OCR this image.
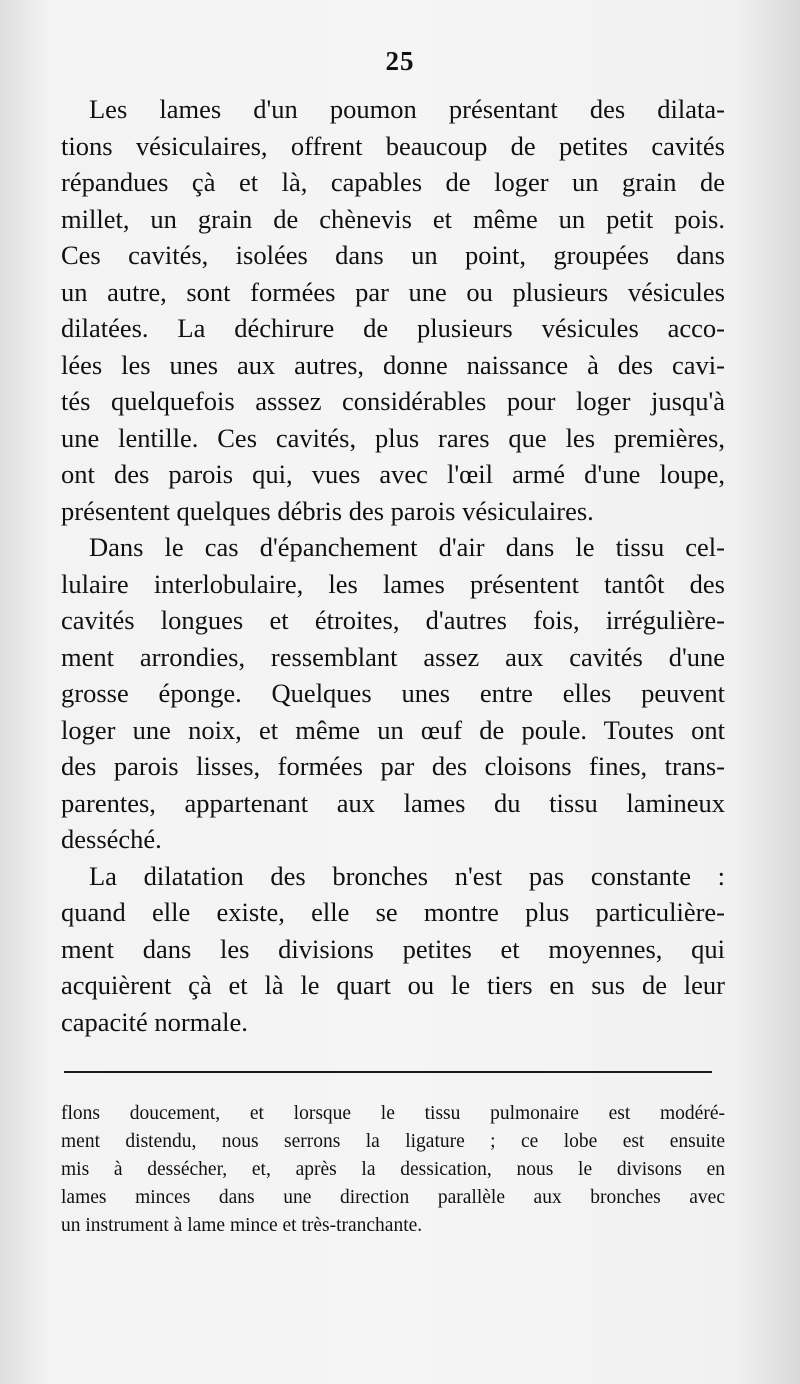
25
Les lames d'un poumon présentant des dilata-
tions vésiculaires, offrent beaucoup de petites cavités
répandues çà et là, capables de loger un grain de
millet, un grain de chènevis et même un petit pois.
Ces cavités, isolées dans un point, groupées dans
un autre, sont formées par une ou plusieurs vésicules
dilatées. La déchirure de plusieurs vésicules acco-
lées les unes aux autres, donne naissance à des cavi-
tés quelquefois asssez considérables pour loger jusqu'à
une lentille. Ces cavités, plus rares que les premières,
ont des parois qui, vues avec l'œil armé d'une loupe,
présentent quelques débris des parois vésiculaires.
Dans le cas d'épanchement d'air dans le tissu cel-
lulaire interlobulaire, les lames présentent tantôt des
cavités longues et étroites, d'autres fois, irrégulière-
ment arrondies, ressemblant assez aux cavités d'une
grosse éponge. Quelques unes entre elles peuvent
loger une noix, et même un œuf de poule. Toutes ont
des parois lisses, formées par des cloisons fines, trans-
parentes, appartenant aux lames du tissu lamineux
desséché.
La dilatation des bronches n'est pas constante :
quand elle existe, elle se montre plus particulière-
ment dans les divisions petites et moyennes, qui
acquièrent çà et là le quart ou le tiers en sus de leur
capacité normale.
flons doucement, et lorsque le tissu pulmonaire est modéré-
ment distendu, nous serrons la ligature ; ce lobe est ensuite
mis à dessécher, et, après la dessication, nous le divisons en
lames minces dans une direction parallèle aux bronches avec
un instrument à lame mince et très-tranchante.
